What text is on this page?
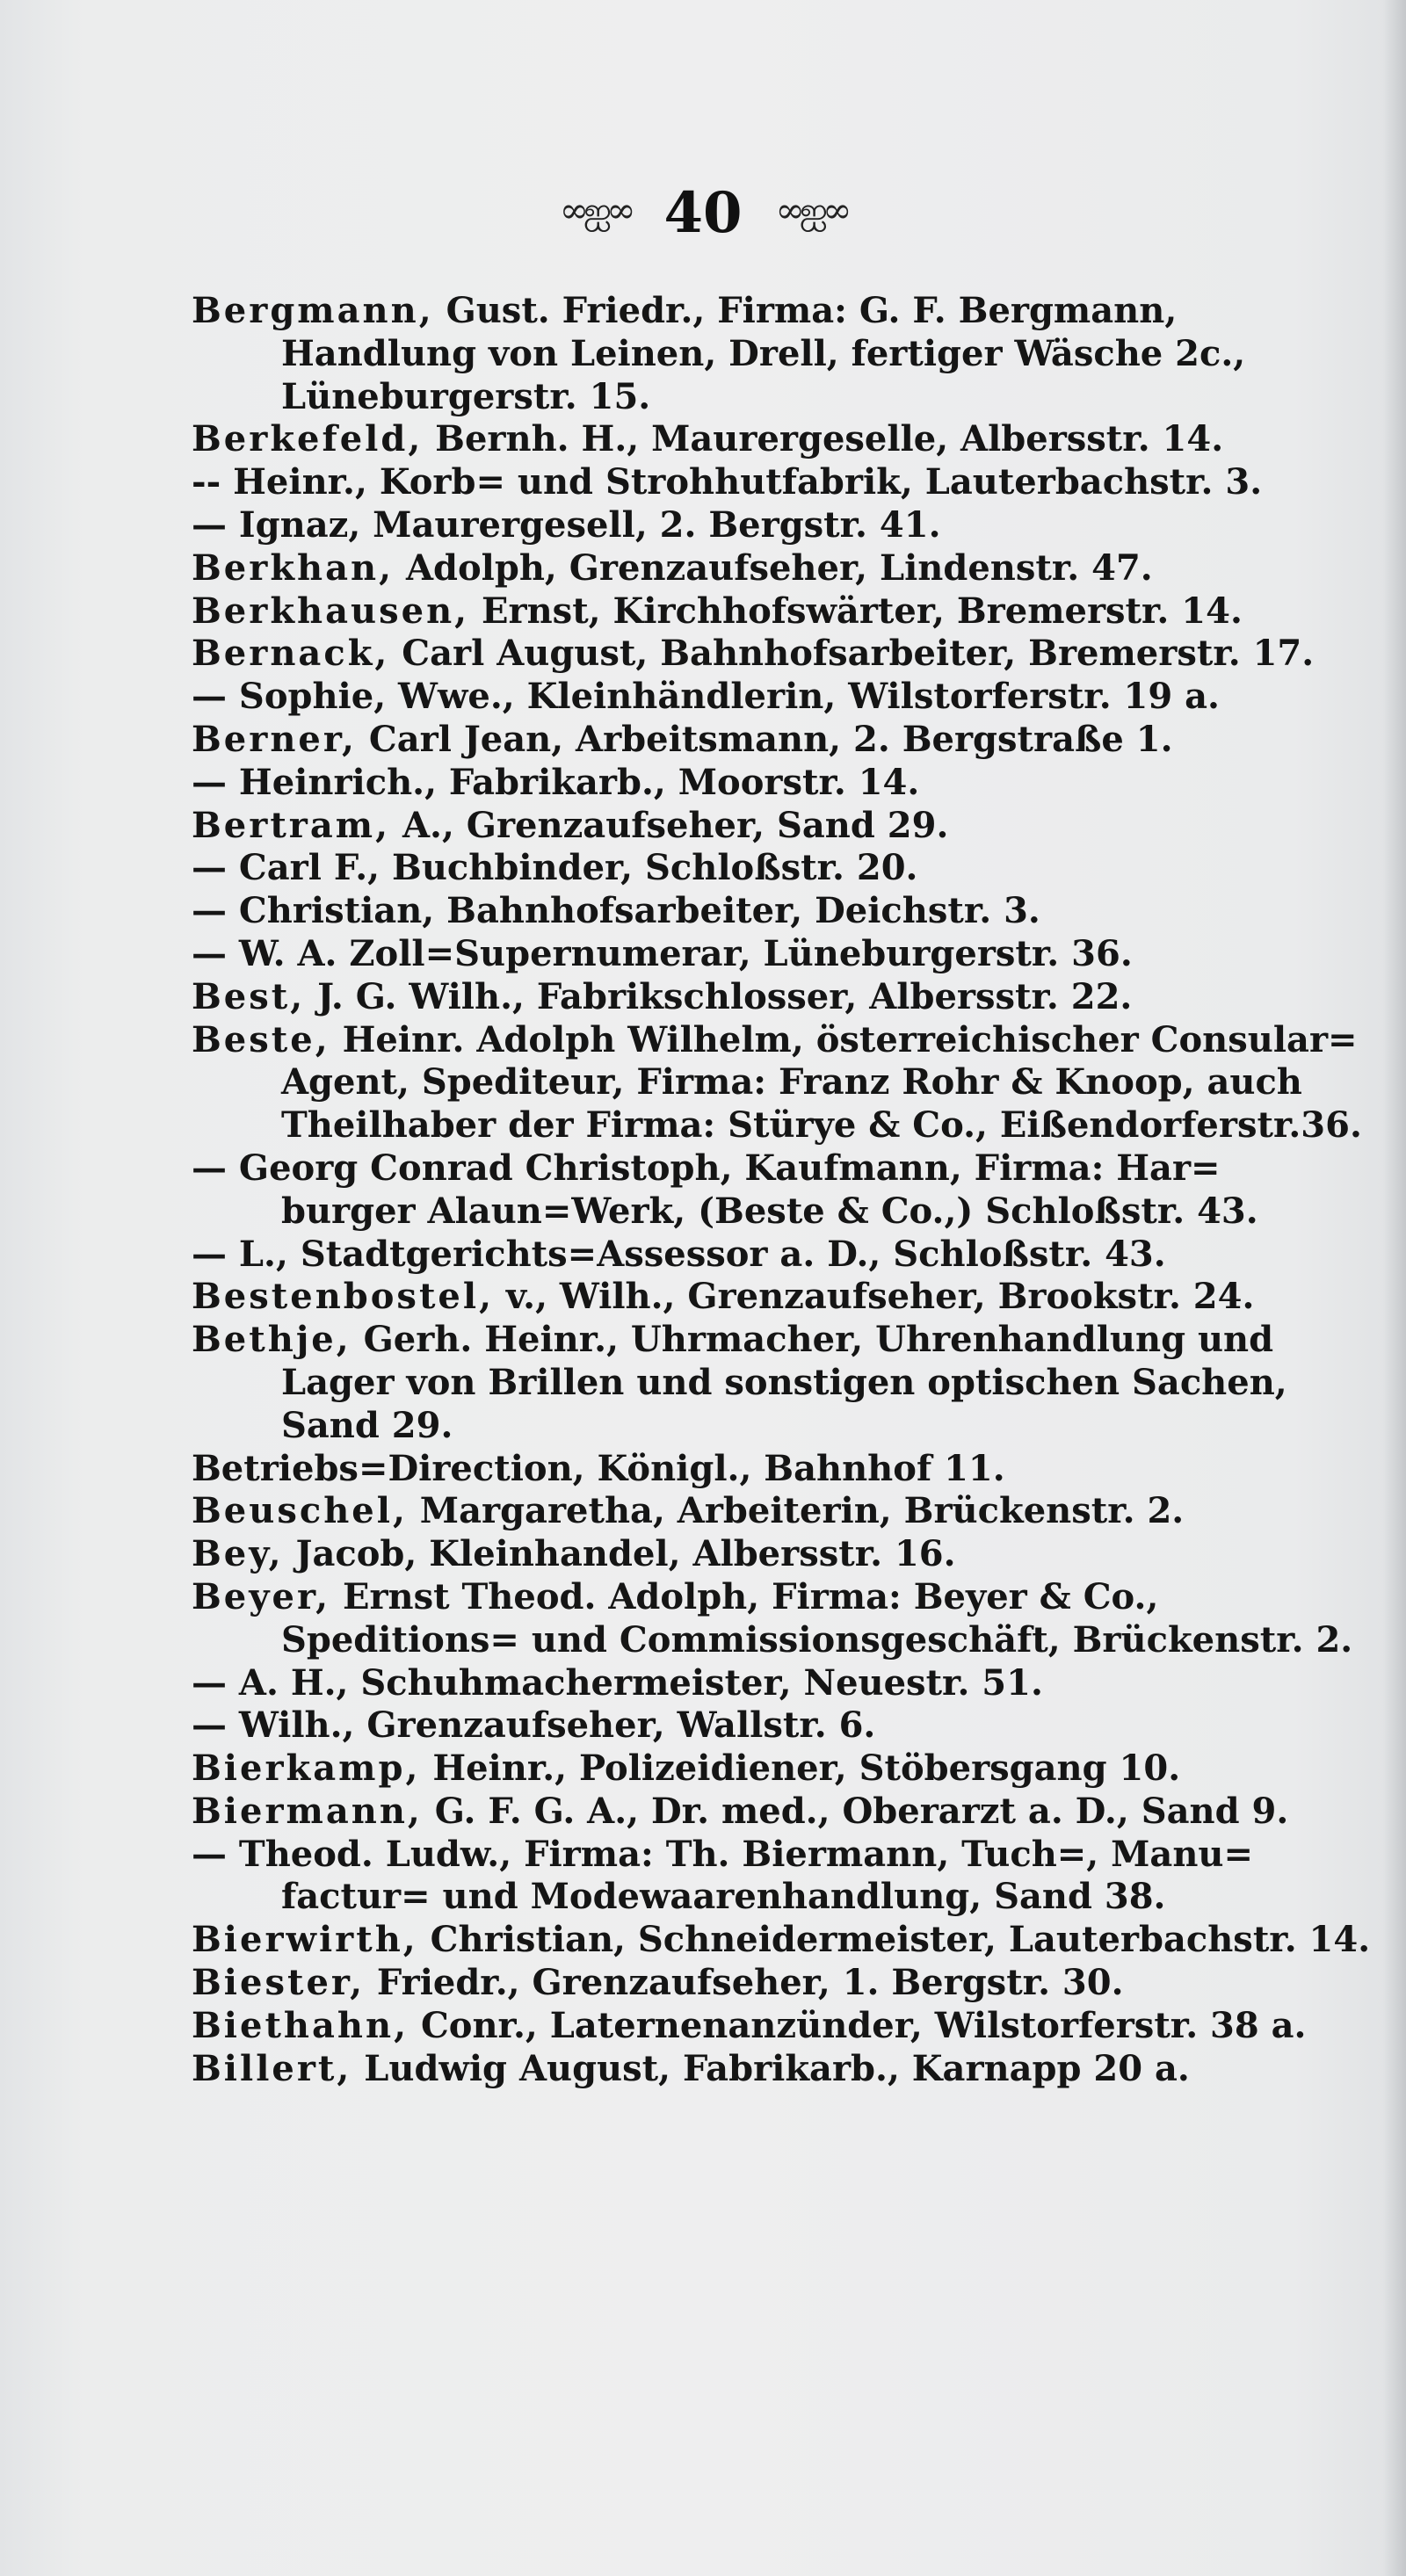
∞ஐ∞ 40 ∞ஐ∞
Bergmann, Gust. Friedr., Firma: G. F. Bergmann,
Handlung von Leinen, Drell, fertiger Wäsche 2c.,
Lüneburgerstr. 15.
Berkefeld, Bernh. H., Maurergeselle, Albersstr. 14.
-- Heinr., Korb= und Strohhutfabrik, Lauterbachstr. 3.
— Ignaz, Maurergesell, 2. Bergstr. 41.
Berkhan, Adolph, Grenzaufseher, Lindenstr. 47.
Berkhausen, Ernst, Kirchhofswärter, Bremerstr. 14.
Bernack, Carl August, Bahnhofsarbeiter, Bremerstr. 17.
— Sophie, Wwe., Kleinhändlerin, Wilstorferstr. 19 a.
Berner, Carl Jean, Arbeitsmann, 2. Bergstraße 1.
— Heinrich., Fabrikarb., Moorstr. 14.
Bertram, A., Grenzaufseher, Sand 29.
— Carl F., Buchbinder, Schloßstr. 20.
— Christian, Bahnhofsarbeiter, Deichstr. 3.
— W. A. Zoll=Supernumerar, Lüneburgerstr. 36.
Best, J. G. Wilh., Fabrikschlosser, Albersstr. 22.
Beste, Heinr. Adolph Wilhelm, österreichischer Consular=
Agent, Spediteur, Firma: Franz Rohr & Knoop, auch
Theilhaber der Firma: Stürye & Co., Eißendorferstr.36.
— Georg Conrad Christoph, Kaufmann, Firma: Har=
burger Alaun=Werk, (Beste & Co.,) Schloßstr. 43.
— L., Stadtgerichts=Assessor a. D., Schloßstr. 43.
Bestenbostel, v., Wilh., Grenzaufseher, Brookstr. 24.
Bethje, Gerh. Heinr., Uhrmacher, Uhrenhandlung und
Lager von Brillen und sonstigen optischen Sachen,
Sand 29.
Betriebs=Direction, Königl., Bahnhof 11.
Beuschel, Margaretha, Arbeiterin, Brückenstr. 2.
Bey, Jacob, Kleinhandel, Albersstr. 16.
Beyer, Ernst Theod. Adolph, Firma: Beyer & Co.,
Speditions= und Commissionsgeschäft, Brückenstr. 2.
— A. H., Schuhmachermeister, Neuestr. 51.
— Wilh., Grenzaufseher, Wallstr. 6.
Bierkamp, Heinr., Polizeidiener, Stöbersgang 10.
Biermann, G. F. G. A., Dr. med., Oberarzt a. D., Sand 9.
— Theod. Ludw., Firma: Th. Biermann, Tuch=, Manu=
factur= und Modewaarenhandlung, Sand 38.
Bierwirth, Christian, Schneidermeister, Lauterbachstr. 14.
Biester, Friedr., Grenzaufseher, 1. Bergstr. 30.
Biethahn, Conr., Laternenanzünder, Wilstorferstr. 38 a.
Billert, Ludwig August, Fabrikarb., Karnapp 20 a.
